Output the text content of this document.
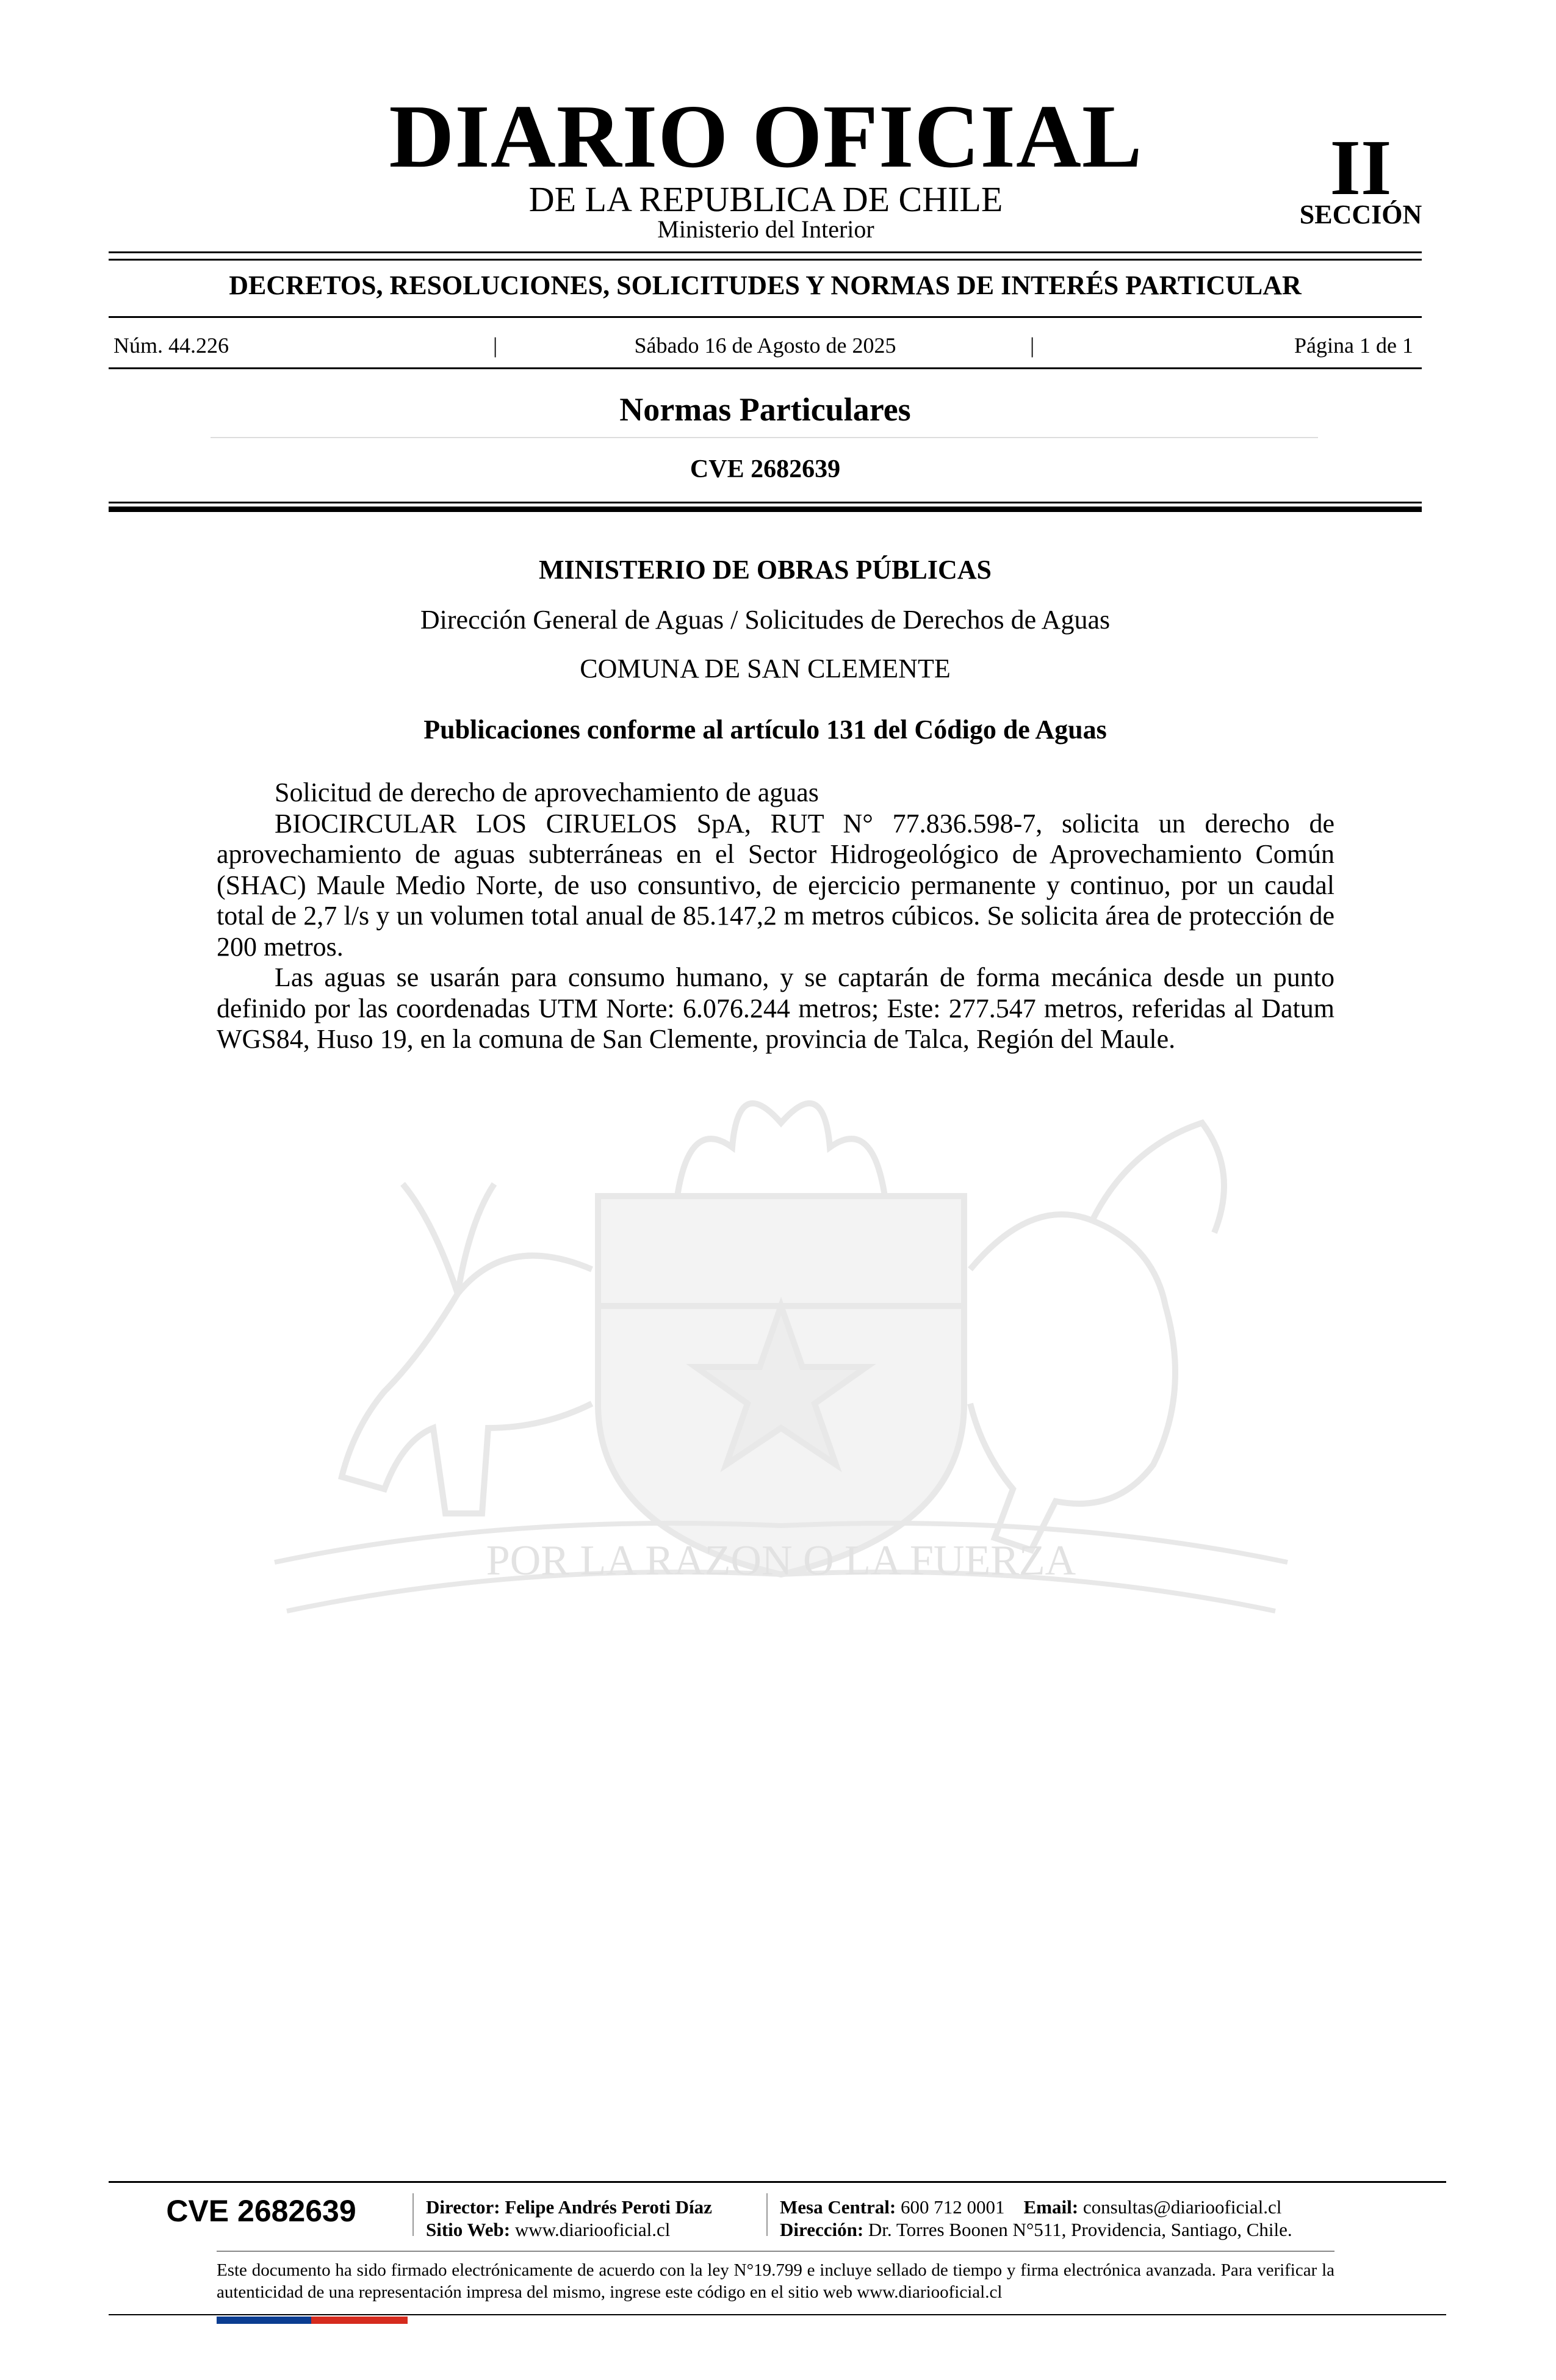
POR LA RAZON O LA FUERZA
DIARIO OFICIAL
DE LA REPUBLICA DE CHILE
Ministerio del Interior
II
SECCIÓN
DECRETOS, RESOLUCIONES, SOLICITUDES Y NORMAS DE INTERÉS PARTICULAR
Núm. 44.226	|	Sábado 16 de Agosto de 2025	|	Página 1 de 1
Normas Particulares
CVE 2682639
MINISTERIO DE OBRAS PÚBLICAS
Dirección General de Aguas / Solicitudes de Derechos de Aguas
COMUNA DE SAN CLEMENTE
Publicaciones conforme al artículo 131 del Código de Aguas

Solicitud de derecho de aprovechamiento de aguas

BIOCIRCULAR LOS CIRUELOS SpA, RUT N° 77.836.598-7, solicita un derecho de aprovechamiento de aguas subterráneas en el Sector Hidrogeológico de Aprovechamiento Común (SHAC) Maule Medio Norte, de uso consuntivo, de ejercicio permanente y continuo, por un caudal total de 2,7 l/s y un volumen total anual de 85.147,2 m metros cúbicos. Se solicita área de protección de 200 metros.

Las aguas se usarán para consumo humano, y se captarán de forma mecánica desde un punto definido por las coordenadas UTM Norte: 6.076.244 metros; Este: 277.547 metros, referidas al Datum WGS84, Huso 19, en la comuna de San Clemente, provincia de Talca, Región del Maule.

CVE 2682639	Director: Felipe Andrés Peroti Díaz
Sitio Web: www.diariooficial.cl
Mesa Central: 600 712 0001 Email: consultas@diariooficial.cl
Dirección: Dr. Torres Boonen N°511, Providencia, Santiago, Chile.
Este documento ha sido firmado electrónicamente de acuerdo con la ley N°19.799 e incluye sellado de tiempo y firma electrónica avanzada. Para verificar la autenticidad de una representación impresa del mismo, ingrese este código en el sitio web www.diariooficial.cl
